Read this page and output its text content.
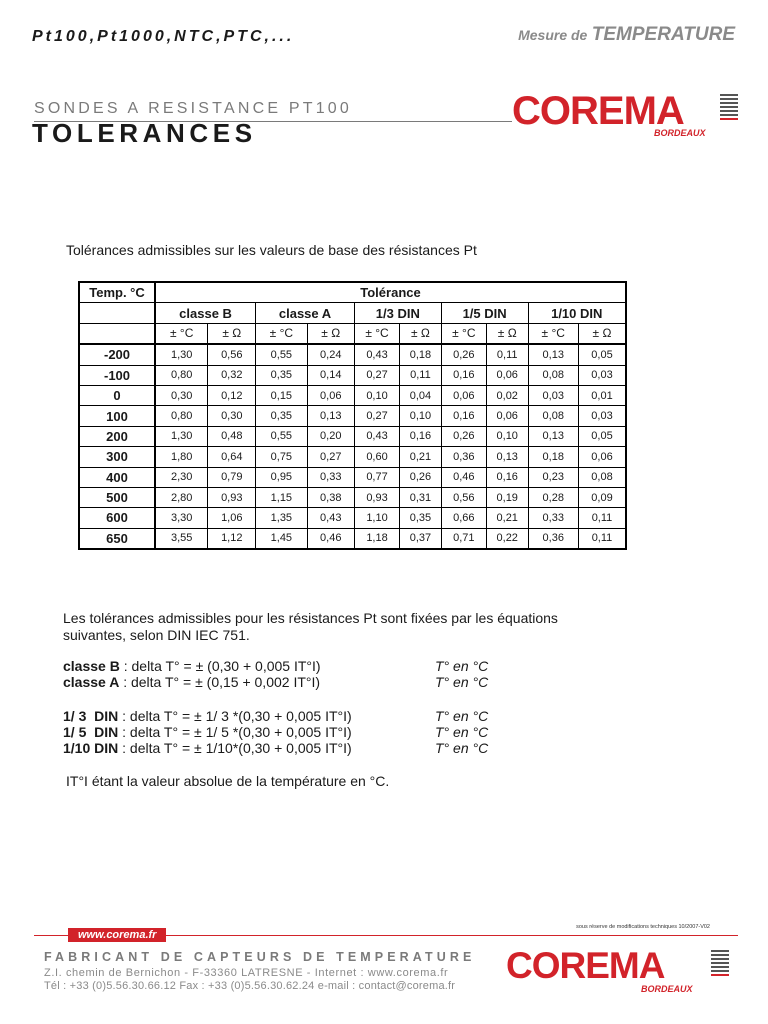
Pt100,Pt1000,NTC,PTC,...	Mesure de TEMPERATURE
SONDES A RESISTANCE PT100
TOLERANCES	COREMA
BORDEAUX
Tolérances admissibles sur les valeurs de base des résistances Pt
Temp. °C	Tolérance									
	classe B		classe A		1/3 DIN		1/5 DIN		1/10 DIN	
	± °C	± Ω	± °C	± Ω	± °C	± Ω	± °C	± Ω	± °C	± Ω
-200	1,30	0,56	0,55	0,24	0,43	0,18	0,26	0,11	0,13	0,05
-100	0,80	0,32	0,35	0,14	0,27	0,11	0,16	0,06	0,08	0,03
0	0,30	0,12	0,15	0,06	0,10	0,04	0,06	0,02	0,03	0,01
100	0,80	0,30	0,35	0,13	0,27	0,10	0,16	0,06	0,08	0,03
200	1,30	0,48	0,55	0,20	0,43	0,16	0,26	0,10	0,13	0,05
300	1,80	0,64	0,75	0,27	0,60	0,21	0,36	0,13	0,18	0,06
400	2,30	0,79	0,95	0,33	0,77	0,26	0,46	0,16	0,23	0,08
500	2,80	0,93	1,15	0,38	0,93	0,31	0,56	0,19	0,28	0,09
600	3,30	1,06	1,35	0,43	1,10	0,35	0,66	0,21	0,33	0,11
650	3,55	1,12	1,45	0,46	1,18	0,37	0,71	0,22	0,36	0,11
Les tolérances admissibles pour les résistances Pt sont fixées par les équations
suivantes, selon DIN IEC 751.
classe B : delta T° = ± (0,30 + 0,005 IT°I)	T° en °C
classe A : delta T° = ± (0,15 + 0,002 IT°I)	T° en °C
1/ 3  DIN : delta T° = ± 1/ 3 *(0,30 + 0,005 IT°I)	T° en °C
1/ 5  DIN : delta T° = ± 1/ 5 *(0,30 + 0,005 IT°I)	T° en °C
1/10 DIN : delta T° = ± 1/10*(0,30 + 0,005 IT°I)	T° en °C
IT°I étant la valeur absolue de la température en °C.
sous réserve de modifications techniques 10/2007-V02
www.corema.fr
FABRICANT DE CAPTEURS DE TEMPERATURE
Z.I. chemin de Bernichon - F-33360 LATRESNE - Internet : www.corema.fr
Tél : +33 (0)5.56.30.66.12 Fax : +33 (0)5.56.30.62.24 e-mail : contact@corema.fr COREMA
BORDEAUX
